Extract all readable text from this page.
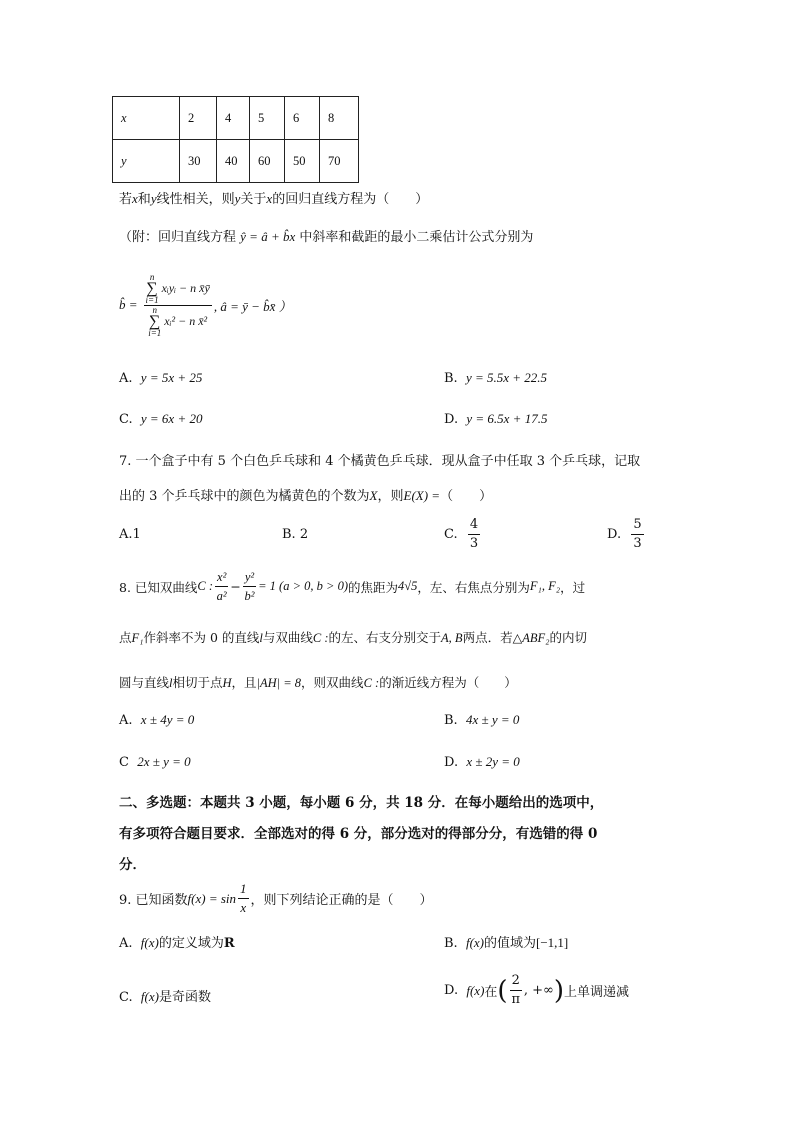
x	2	4	5	6	8
y	30	40	60	50	70
若x和y线性相关，则y关于x的回归直线方程为（　　）
（附：回归直线方程 ŷ = â + b̂x 中斜率和截距的最小二乘估计公式分别为
b̂ =
n
∑
i=1 xᵢyᵢ − n x̄ȳ
n
∑
i=1 xᵢ² − n x̄²
, â = ȳ − b̂x̄ ）
A. y = 5x + 25	B. y = 5.5x + 22.5
C. y = 6x + 20	D. y = 6.5x + 17.5
7. 一个盒子中有 5 个白色乒乓球和 4 个橘黄色乒乓球．现从盒子中任取 3 个乒乓球，记取
出的 3 个乒乓球中的颜色为橘黄色的个数为X，则E(X) =（　　）
A.1	B. 2	C.
$\frac{4}{3}$	D.
$\frac{5}{3}$
8. 已知双曲线 C : $\frac{\text{x²}}{\text{a²}} - \frac{\text{y²}}{\text{b²}} = 1$ (a > 0, b > 0) 的焦距为 4√5 ，左、右焦点分别为 F₁, F₂ ，过
点F₁作斜率不为 0 的直线l与双曲线C :的左、右支分别交于A, B两点．若△ABF₂的内切
圆与直线l相切于点H，且|AH| = 8，则双曲线C :的渐近线方程为（　　）
A. x ± 4y = 0	B. 4x ± y = 0
C 2x ± y = 0	D. x ± 2y = 0
二、多选题：本题共 3 小题，每小题 6 分，共 18 分．在每小题给出的选项中，
有多项符合题目要求．全部选对的得 6 分，部分选对的得部分分，有选错的得 0
分．
9. 已知函数 $f(x) = \sin \frac{1}{x}$ ，则下列结论正确的是（　　）
A. f(x)的定义域为R	B. f(x)的值域为[−1,1]
C. f(x)是奇函数	D.
f(x) 在 ( $\frac{2}{\pi}$ , +∞ ) 上单调递减
